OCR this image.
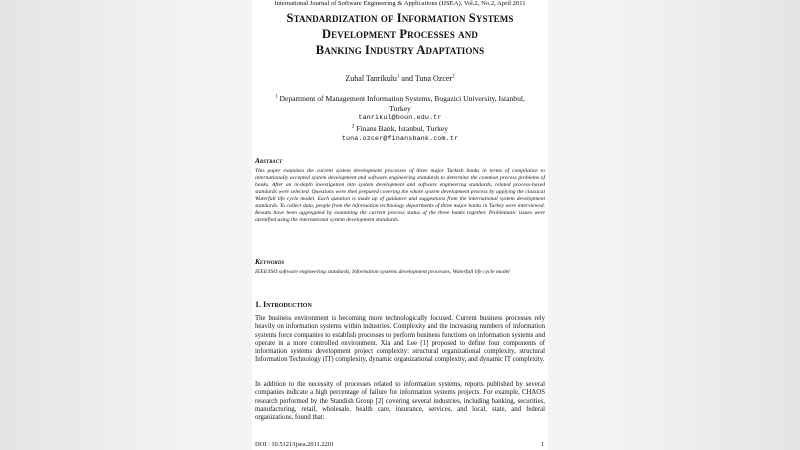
International Journal of Software Engineering & Applications (IJSEA), Vol.2, No.2, April 2011
Standardization of Information Systems
Development Processes and
Banking Industry Adaptations
Zuhal Tanrikulu$^1$ and Tuna Ozcer$^2$
$^1$ Department of Management Information Systems, Bogazici University, Istanbul,
Turkey
tanrikul@boun.edu.tr
$^2$ Finans Bank, Istanbul, Turkey
tuna.ozcer@finansbank.com.tr
Abstract
This paper examines the current system development processes of three major Turkish banks in terms of compliance to internationally accepted system development and software engineering standards to determine the common process problems of banks. After an in-depth investigation into system development and software engineering standards, related process-based standards were selected. Questions were then prepared covering the whole system development process by applying the classical Waterfall life cycle model. Each question is made up of guidance and suggestions from the international system development standards. To collect data, people from the information technology departments of three major banks in Turkey were interviewed. Results have been aggregated by examining the current process status of the three banks together. Problematic issues were identified using the international system development standards.
Keywords
IEEE/ISO software engineering standards, Information systems development processes, Waterfall life cycle model
1. Introduction
The business environment is becoming more technologically focused. Current business processes rely heavily on information systems within industries. Complexity and the increasing numbers of information systems force companies to establish processes to perform business functions on information systems and operate in a more controlled environment. Xia and Lee [1] proposed to define four components of information systems development project complexity: structural organizational complexity, structural Information Technology (IT) complexity, dynamic organizational complexity, and dynamic IT complexity.
In addition to the necessity of processes related to information systems, reports published by several companies indicate a high percentage of failure for information systems projects. For example, CHAOS research performed by the Standish Group [2] covering several industries, including banking, securities, manufacturing, retail, wholesale, health care, insurance, services, and local, state, and federal organizations, found that:
DOI : 10.5121/ijsea.2011.2201	1
